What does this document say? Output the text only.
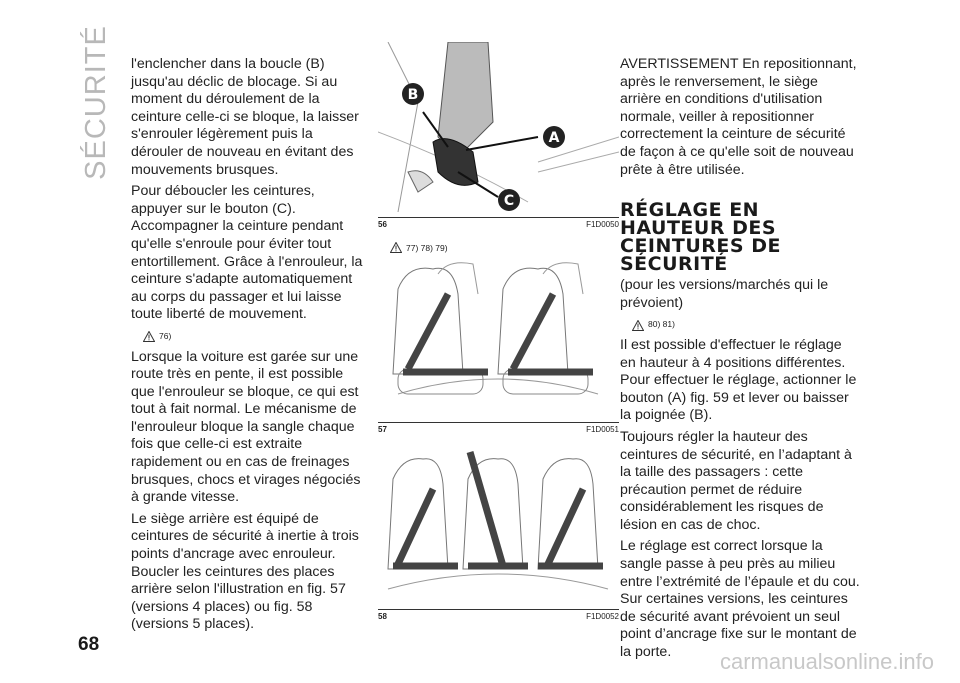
SÉCURITÉ
68

l'enclencher dans la boucle (B) jusqu'au déclic de blocage. Si au moment du déroulement de la ceinture celle-ci se bloque, la laisser s'enrouler légèrement puis la dérouler de nouveau en évitant des mouvements brusques.

Pour déboucler les ceintures, appuyer sur le bouton (C). Accompagner la ceinture pendant qu'elle s'enroule pour éviter tout entortillement. Grâce à l'enrouleur, la ceinture s'adapte automatiquement au corps du passager et lui laisse toute liberté de mouvement.

76)

Lorsque la voiture est garée sur une route très en pente, il est possible que l'enrouleur se bloque, ce qui est tout à fait normal. Le mécanisme de l'enrouleur bloque la sangle chaque fois que celle-ci est extraite rapidement ou en cas de freinages brusques, chocs et virages négociés à grande vitesse.

Le siège arrière est équipé de ceintures de sécurité à inertie à trois points d'ancrage avec enrouleur. Boucler les ceintures des places arrière selon l'illustration en fig. 57 (versions 4 places) ou fig. 58 (versions 5 places).

B
A
C
56	F1D0050
77) 78) 79)
57	F1D0051
58	F1D0052

AVERTISSEMENT En repositionnant, après le renversement, le siège arrière en conditions d'utilisation normale, veiller à repositionner correctement la ceinture de sécurité de façon à ce qu'elle soit de nouveau prête à être utilisée.

RÉGLAGE EN HAUTEUR DES CEINTURES DE SÉCURITÉ

(pour les versions/marchés qui le prévoient)

80) 81)

Il est possible d'effectuer le réglage en hauteur à 4 positions différentes. Pour effectuer le réglage, actionner le bouton (A) fig. 59 et lever ou baisser la poignée (B).

Toujours régler la hauteur des ceintures de sécurité, en l’adaptant à la taille des passagers : cette précaution permet de réduire considérablement les risques de lésion en cas de choc.

Le réglage est correct lorsque la sangle passe à peu près au milieu entre l’extrémité de l’épaule et du cou. Sur certaines versions, les ceintures de sécurité avant prévoient un seul point d’ancrage fixe sur le montant de la porte.	carmanualsonline.info
